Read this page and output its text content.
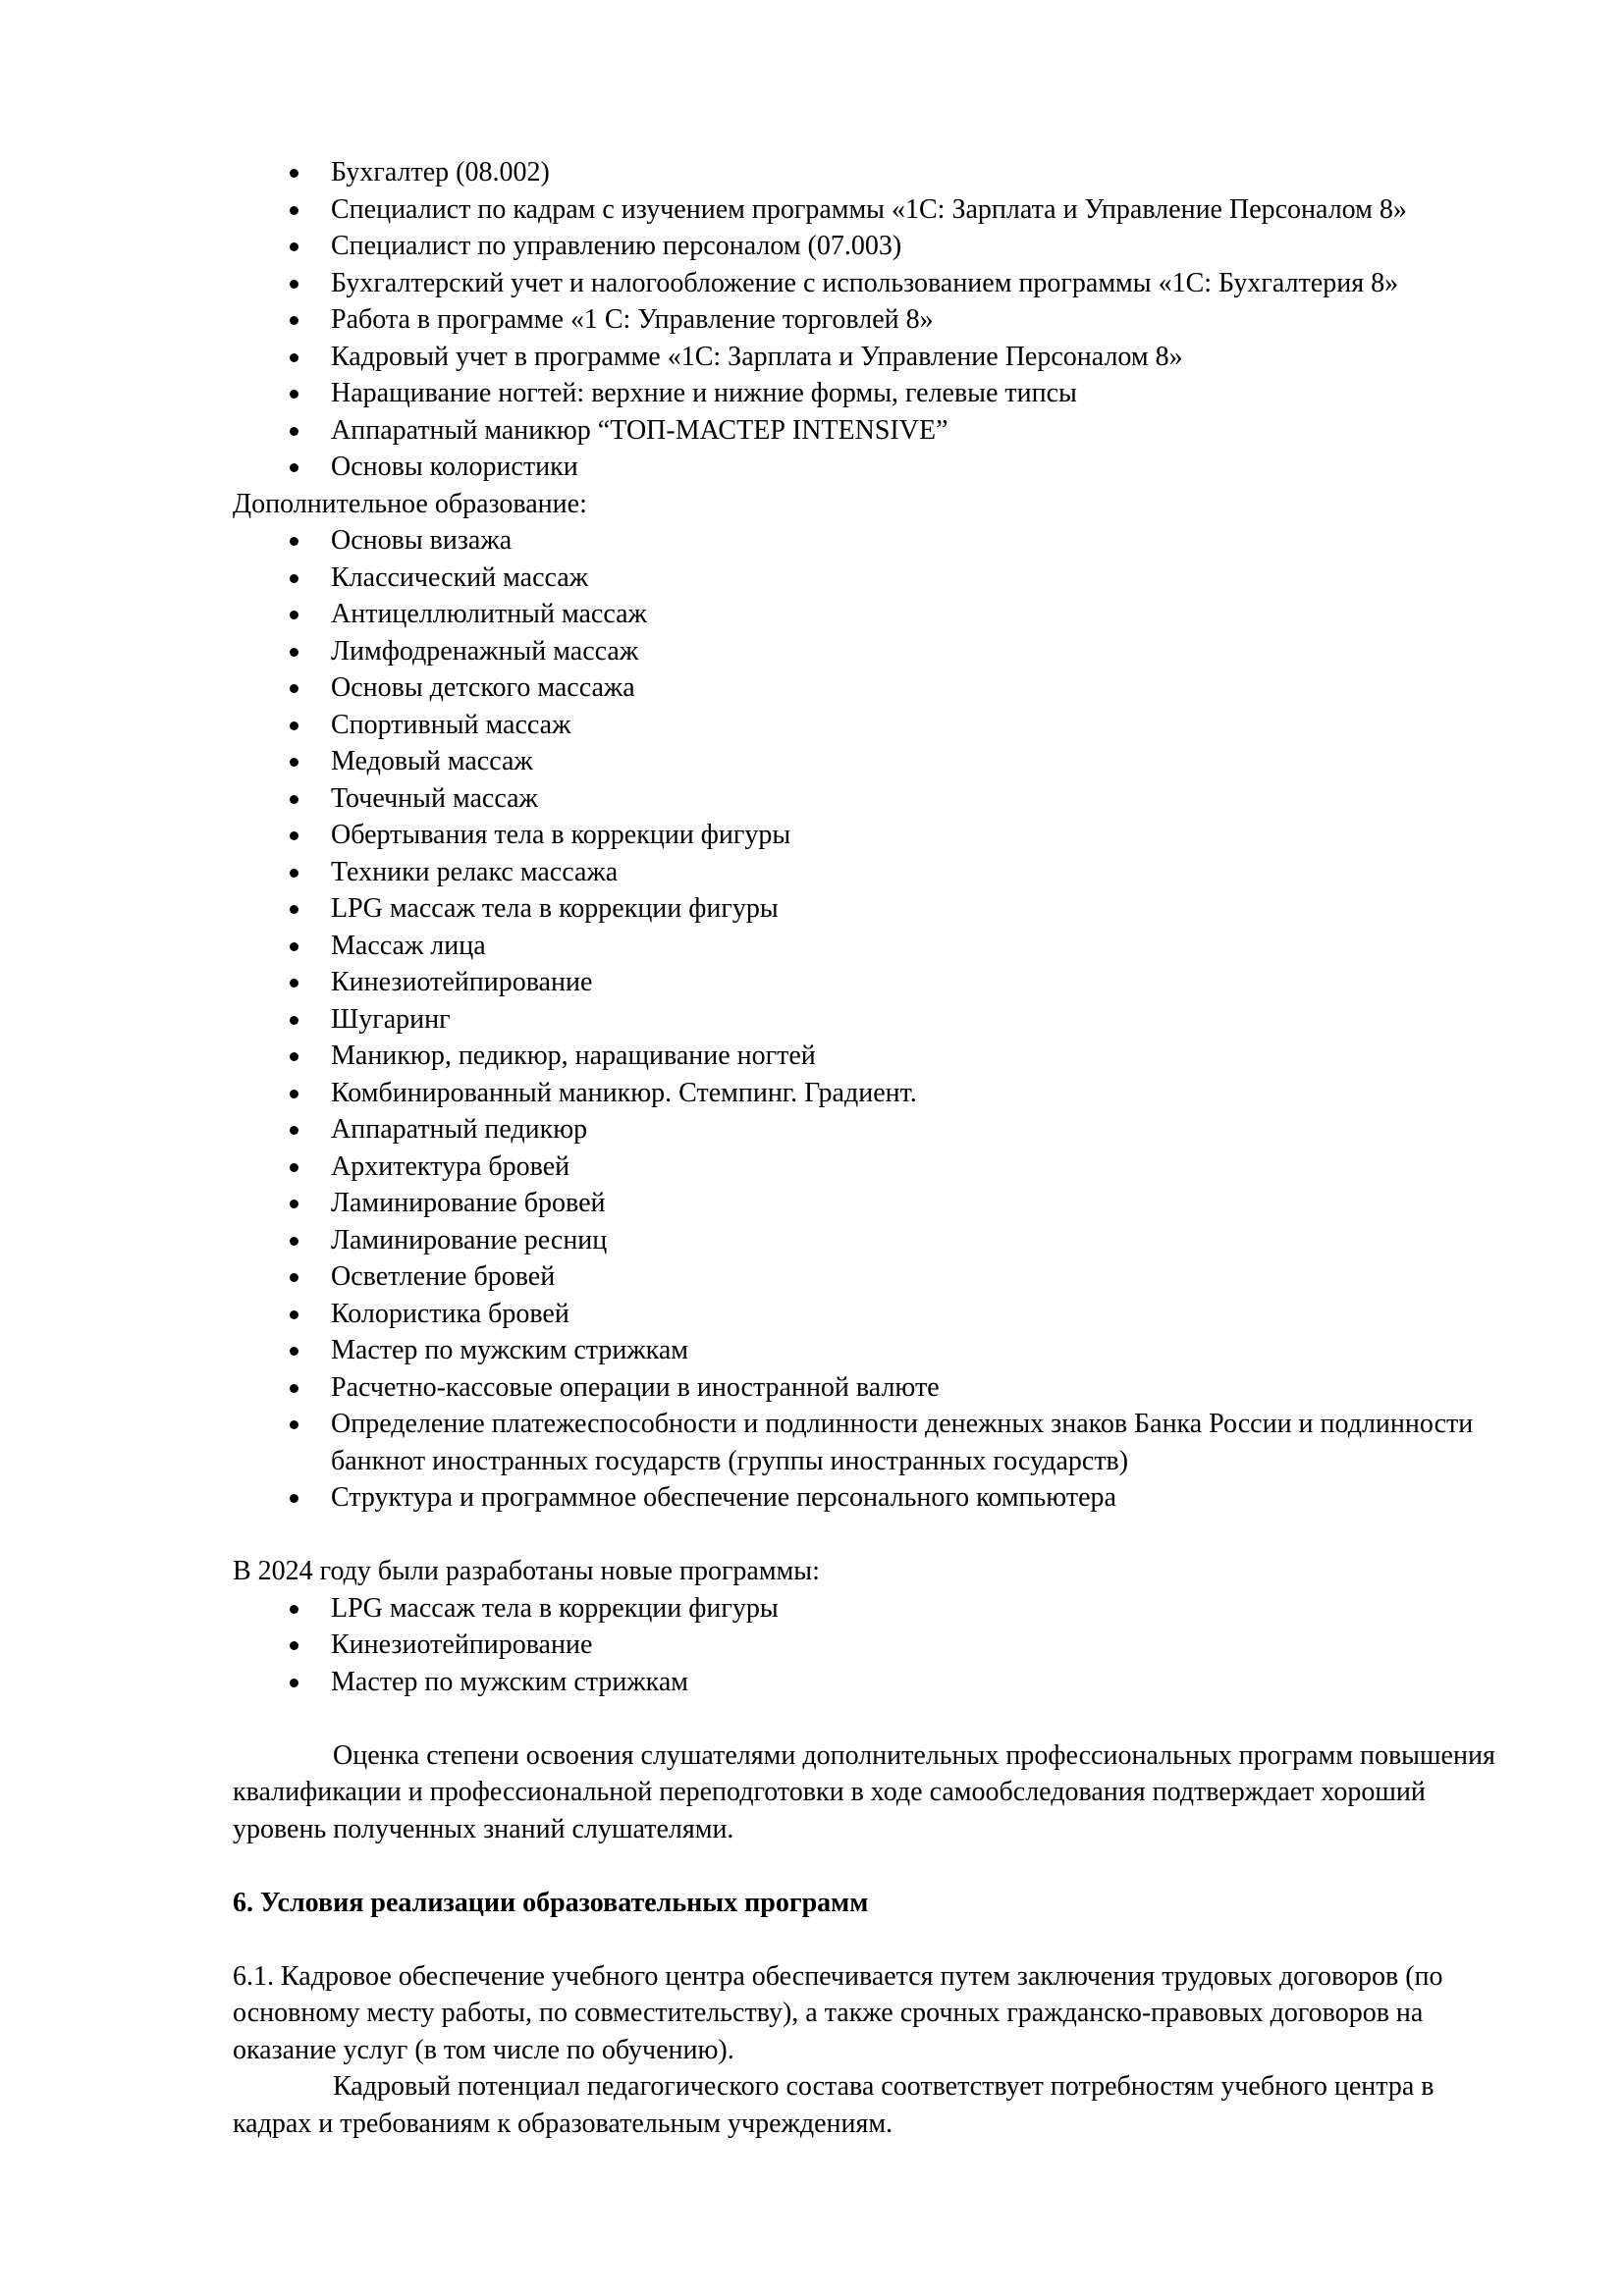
Бухгалтер (08.002)
Специалист по кадрам с изучением программы «1С: Зарплата и Управление Персоналом 8»
Специалист по управлению персоналом (07.003)
Бухгалтерский учет и налогообложение с использованием программы «1С: Бухгалтерия 8»
Работа в программе «1 С: Управление торговлей 8»
Кадровый учет в программе «1С: Зарплата и Управление Персоналом 8»
Наращивание ногтей: верхние и нижние формы, гелевые типсы
Аппаратный маникюр “ТОП-МАСТЕР INTENSIVE”
Основы колористики

Дополнительное образование:

Основы визажа
Классический массаж
Антицеллюлитный массаж
Лимфодренажный массаж
Основы детского массажа
Спортивный массаж
Медовый массаж
Точечный массаж
Обертывания тела в коррекции фигуры
Техники релакс массажа
LPG массаж тела в коррекции фигуры
Массаж лица
Кинезиотейпирование
Шугаринг
Маникюр, педикюр, наращивание ногтей
Комбинированный маникюр. Стемпинг. Градиент.
Аппаратный педикюр
Архитектура бровей
Ламинирование бровей
Ламинирование ресниц
Осветление бровей
Колористика бровей
Мастер по мужским стрижкам
Расчетно-кассовые операции в иностранной валюте
Определение платежеспособности и подлинности денежных знаков Банка России и подлинности банкнот иностранных государств (группы иностранных государств)
Структура и программное обеспечение персонального компьютера

В 2024 году были разработаны новые программы:

LPG массаж тела в коррекции фигуры
Кинезиотейпирование
Мастер по мужским стрижкам

Оценка степени освоения слушателями дополнительных профессиональных программ повышения квалификации и профессиональной переподготовки в ходе самообследования подтверждает хороший уровень полученных знаний слушателями.

6. Условия реализации образовательных программ

6.1. Кадровое обеспечение учебного центра обеспечивается путем заключения трудовых договоров (по основному месту работы, по совместительству), а также срочных гражданско-правовых договоров на оказание услуг (в том числе по обучению).

Кадровый потенциал педагогического состава соответствует потребностям учебного центра в кадрах и требованиям к образовательным учреждениям.
